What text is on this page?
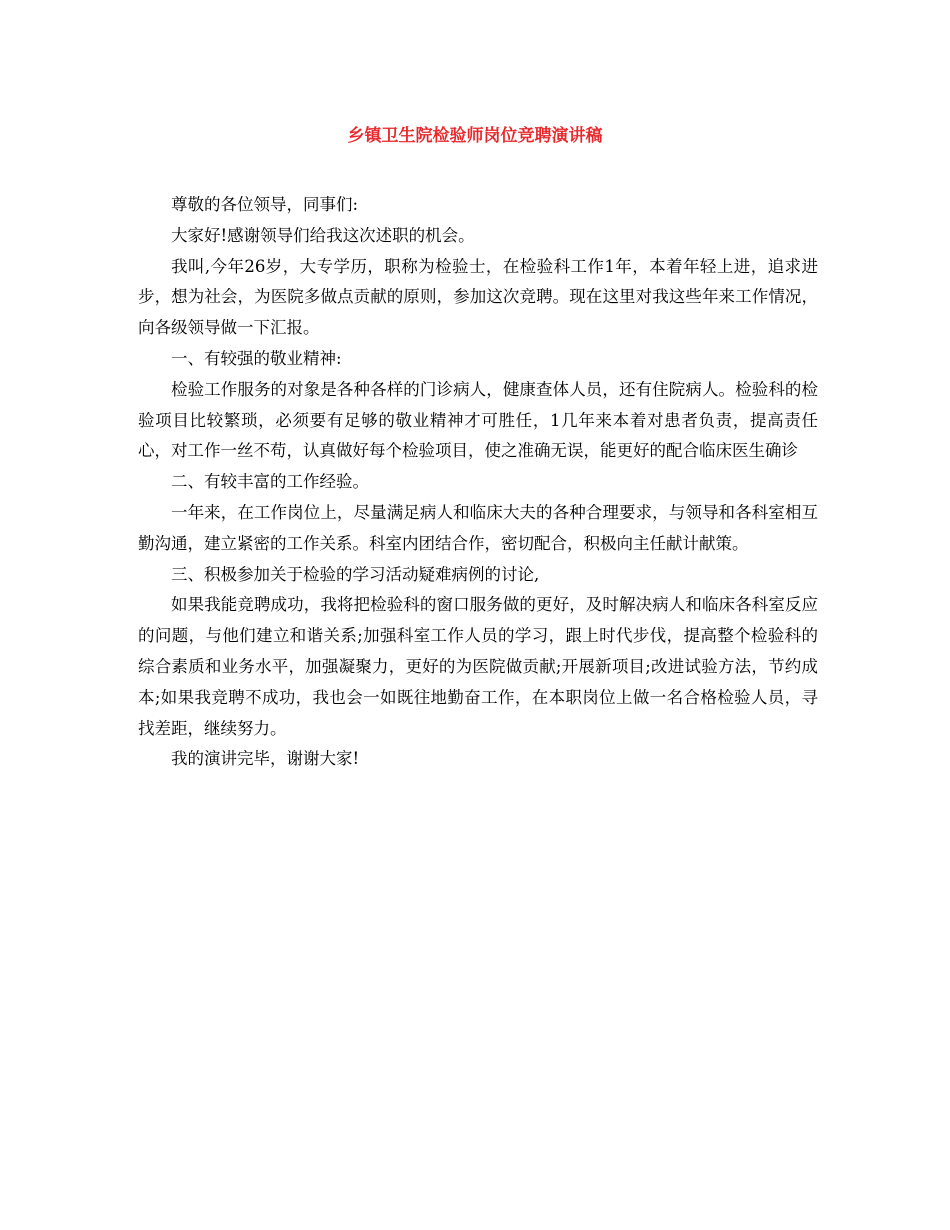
乡镇卫生院检验师岗位竞聘演讲稿

尊敬的各位领导，同事们:

大家好!感谢领导们给我这次述职的机会。

我叫,今年26岁，大专学历，职称为检验士，在检验科工作1年，本着年轻上进，追求进步，想为社会，为医院多做点贡献的原则，参加这次竞聘。现在这里对我这些年来工作情况，向各级领导做一下汇报。

一、有较强的敬业精神:

检验工作服务的对象是各种各样的门诊病人，健康查体人员，还有住院病人。检验科的检验项目比较繁琐，必须要有足够的敬业精神才可胜任，1几年来本着对患者负责，提高责任心，对工作一丝不苟，认真做好每个检验项目，使之准确无误，能更好的配合临床医生确诊

二、有较丰富的工作经验。

一年来，在工作岗位上，尽量满足病人和临床大夫的各种合理要求，与领导和各科室相互勤沟通，建立紧密的工作关系。科室内团结合作，密切配合，积极向主任献计献策。

三、积极参加关于检验的学习活动疑难病例的讨论,

如果我能竞聘成功，我将把检验科的窗口服务做的更好，及时解决病人和临床各科室反应的问题，与他们建立和谐关系;加强科室工作人员的学习，跟上时代步伐，提高整个检验科的综合素质和业务水平，加强凝聚力，更好的为医院做贡献;开展新项目;改进试验方法，节约成本;如果我竞聘不成功，我也会一如既往地勤奋工作，在本职岗位上做一名合格检验人员，寻找差距，继续努力。

我的演讲完毕，谢谢大家!
